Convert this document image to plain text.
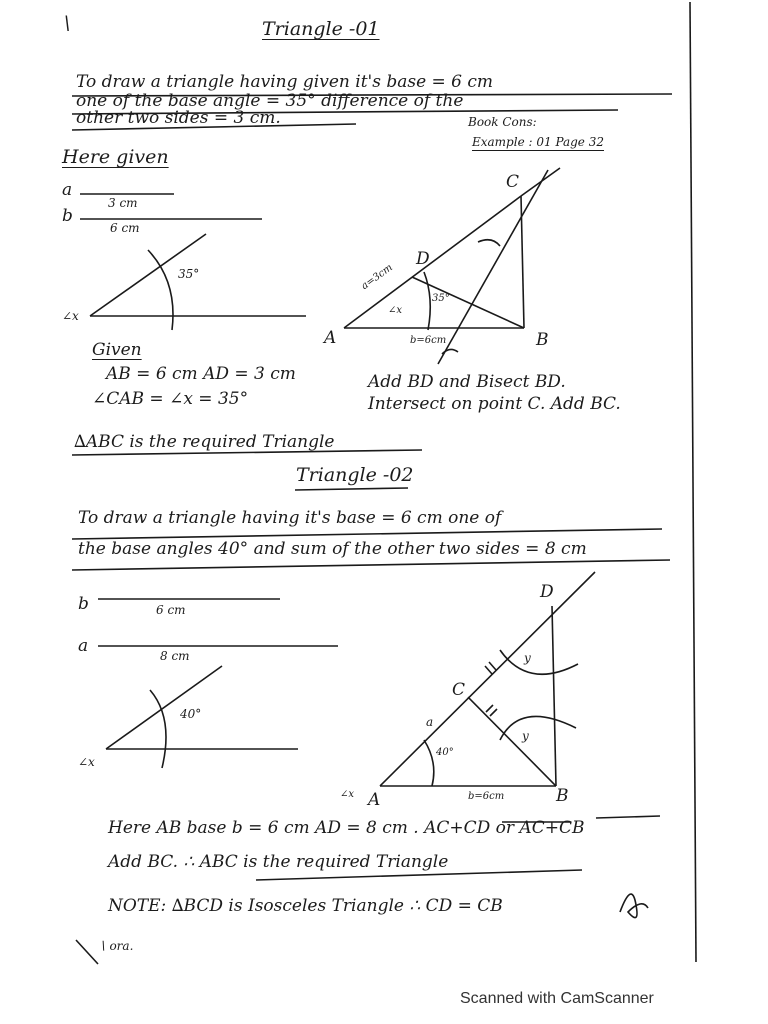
\	Triangle -01
To draw a triangle having given it's base = 6 cm
one of the base angle = 35° difference of the
other two sides = 3 cm.	Book Cons:
Example : 01 Page 32
Here given
a
3 cm
b
6 cm
35°
∠x
C
D
A	B
a=3cm
b=6cm
∠x
35°
Given
AB = 6 cm AD = 3 cm
∠CAB = ∠x = 35°
Add BD and Bisect BD.
Intersect on point C. Add BC.
∆ABC is the required Triangle
Triangle -02
To draw a triangle having it's base = 6 cm one of
the base angles 40° and sum of the other two sides = 8 cm
b	6 cm
a	8 cm
40°
∠x
D
C
A	B
a
b=6cm
∠x
40°
y
y
Here AB base b = 6 cm AD = 8 cm . AC+CD or AC+CB
Add BC. ∴ ABC is the required Triangle
NOTE: ∆BCD is Isosceles Triangle ∴ CD = CB
∖ ora.
Scanned with CamScanner
